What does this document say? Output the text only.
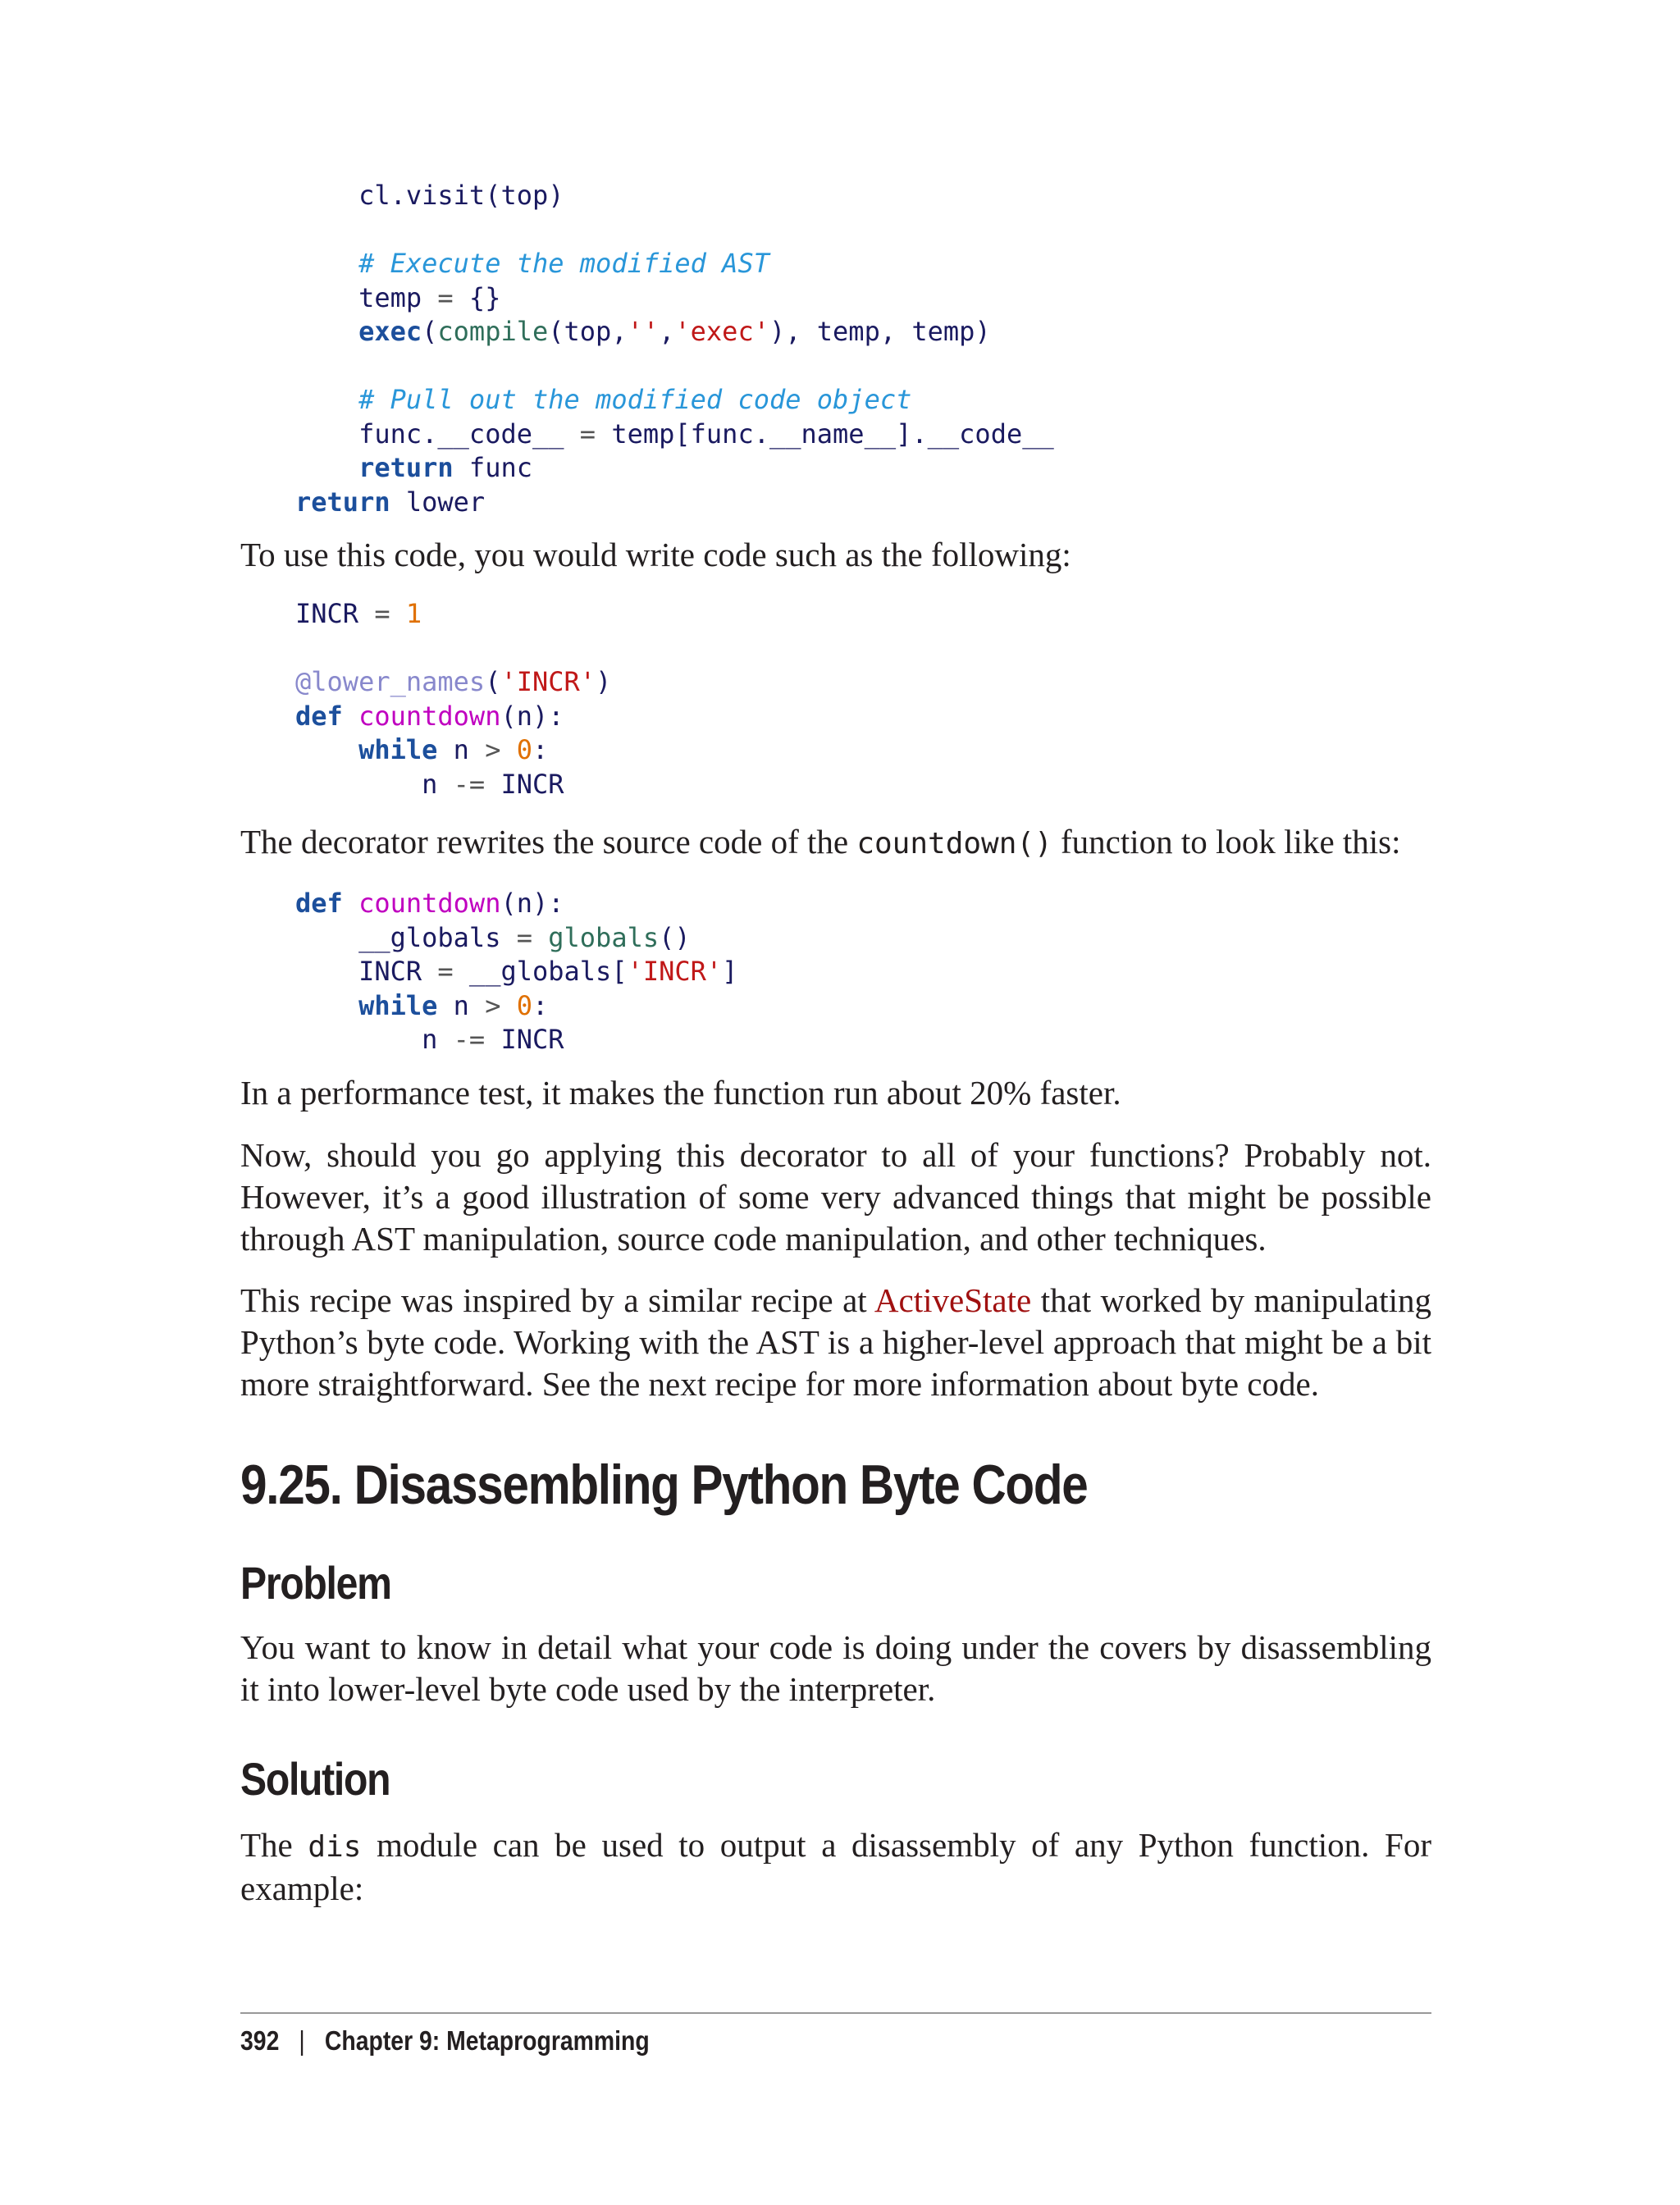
cl.visit(top)

# Execute the modified AST
temp = {}
exec(compile(top,'','exec'), temp, temp)

# Pull out the modified code object
func.__code__ = temp[func.__name__].__code__
return func
return lower

To use this code, you would write code such as the following:

INCR = 1

@lower_names('INCR')
def countdown(n):
while n > 0:
n -= INCR

The decorator rewrites the source code of the countdown() function to look like this:

def countdown(n):
__globals = globals()
INCR = __globals['INCR']
while n > 0:
n -= INCR

In a performance test, it makes the function run about 20% faster.

Now, should you go applying this decorator to all of your functions? Probably not. However, it’s a good illustration of some very advanced things that might be possible through AST manipulation, source code manipulation, and other techniques.

This recipe was inspired by a similar recipe at ActiveState that worked by manipulating Python’s byte code. Working with the AST is a higher-level approach that might be a bit more straightforward. See the next recipe for more information about byte code.

9.25. Disassembling Python Byte Code
Problem

You want to know in detail what your code is doing under the covers by disassembling it into lower-level byte code used by the interpreter.

Solution

The dis module can be used to output a disassembly of any Python function. For example:

392 | Chapter 9: Metaprogramming
